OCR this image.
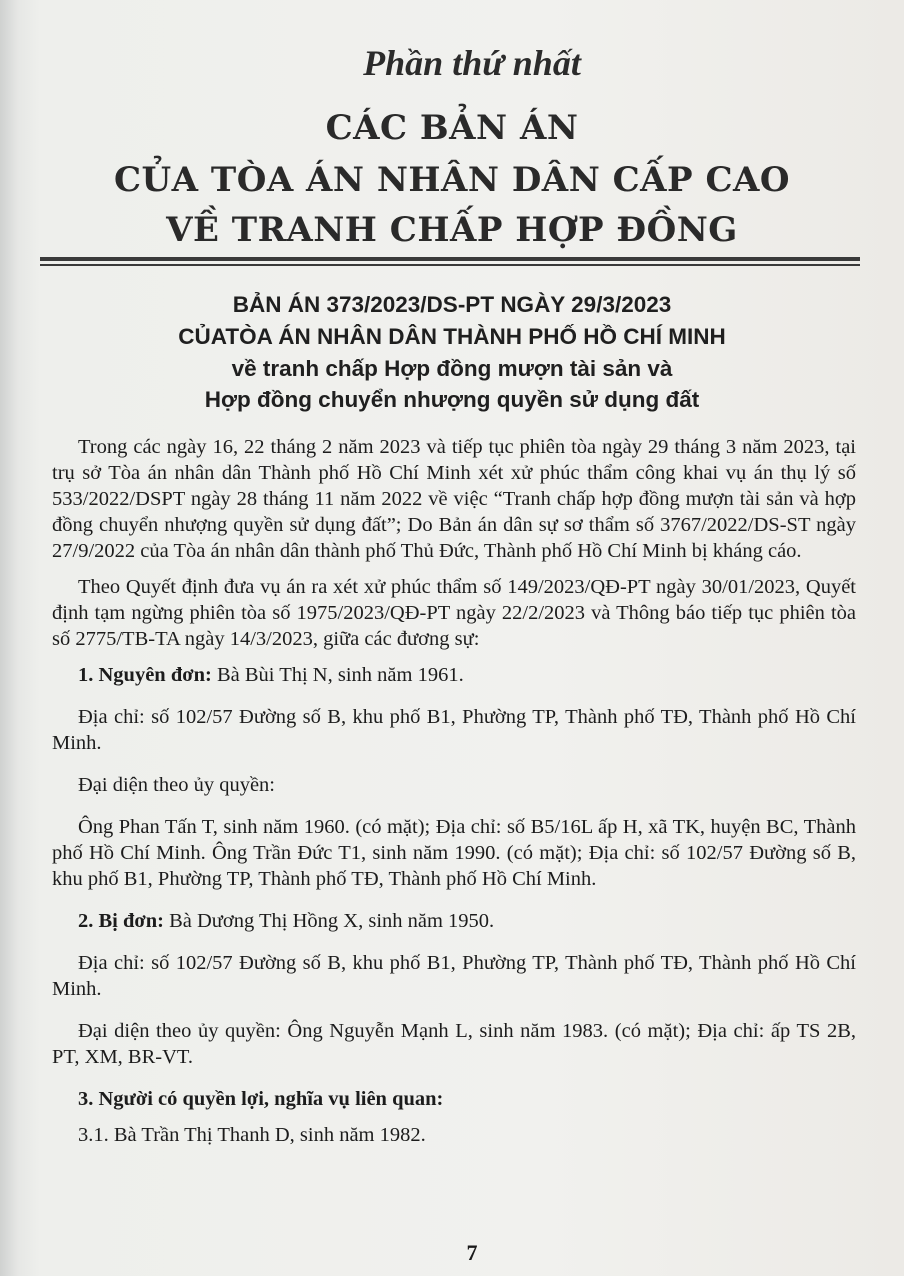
Phần thứ nhất
CÁC BẢN ÁN
CỦA TÒA ÁN NHÂN DÂN CẤP CAO
VỀ TRANH CHẤP HỢP ĐỒNG
BẢN ÁN 373/2023/DS-PT NGÀY 29/3/2023
CỦATÒA ÁN NHÂN DÂN THÀNH PHỐ HỒ CHÍ MINH
về tranh chấp Hợp đồng mượn tài sản và
Hợp đồng chuyển nhượng quyền sử dụng đất

Trong các ngày 16, 22 tháng 2 năm 2023 và tiếp tục phiên tòa ngày 29 tháng 3 năm 2023, tại trụ sở Tòa án nhân dân Thành phố Hồ Chí Minh xét xử phúc thẩm công khai vụ án thụ lý số 533/2022/DSPT ngày 28 tháng 11 năm 2022 về việc “Tranh chấp hợp đồng mượn tài sản và hợp đồng chuyển nhượng quyền sử dụng đất”; Do Bản án dân sự sơ thẩm số 3767/2022/DS-ST ngày 27/9/2022 của Tòa án nhân dân thành phố Thủ Đức, Thành phố Hồ Chí Minh bị kháng cáo.

Theo Quyết định đưa vụ án ra xét xử phúc thẩm số 149/2023/QĐ-PT ngày 30/01/2023, Quyết định tạm ngừng phiên tòa số 1975/2023/QĐ-PT ngày 22/2/2023 và Thông báo tiếp tục phiên tòa số 2775/TB-TA ngày 14/3/2023, giữa các đương sự:

1. Nguyên đơn: Bà Bùi Thị N, sinh năm 1961.

Địa chỉ: số 102/57 Đường số B, khu phố B1, Phường TP, Thành phố TĐ, Thành phố Hồ Chí Minh.

Đại diện theo ủy quyền:

Ông Phan Tấn T, sinh năm 1960. (có mặt); Địa chỉ: số B5/16L ấp H, xã TK, huyện BC, Thành phố Hồ Chí Minh. Ông Trần Đức T1, sinh năm 1990. (có mặt); Địa chỉ: số 102/57 Đường số B, khu phố B1, Phường TP, Thành phố TĐ, Thành phố Hồ Chí Minh.

2. Bị đơn: Bà Dương Thị Hồng X, sinh năm 1950.

Địa chỉ: số 102/57 Đường số B, khu phố B1, Phường TP, Thành phố TĐ, Thành phố Hồ Chí Minh.

Đại diện theo ủy quyền: Ông Nguyễn Mạnh L, sinh năm 1983. (có mặt); Địa chỉ: ấp TS 2B, PT, XM, BR-VT.

3. Người có quyền lợi, nghĩa vụ liên quan:

3.1. Bà Trần Thị Thanh D, sinh năm 1982.

7
